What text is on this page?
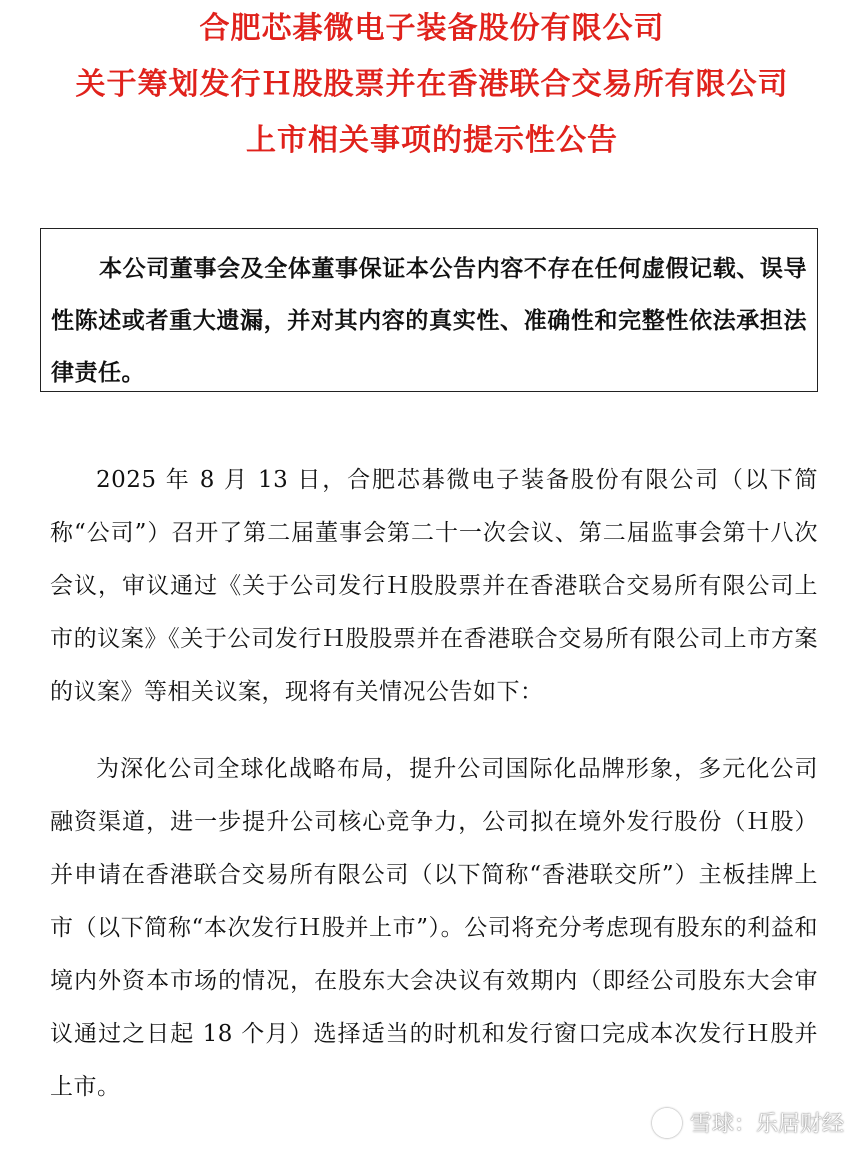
合肥芯碁微电子装备股份有限公司
关于筹划发行Ｈ股股票并在香港联合交易所有限公司
上市相关事项的提示性公告
本公司董事会及全体董事保证本公告内容不存在任何虚假记载、误导性陈述或者重大遗漏，并对其内容的真实性、准确性和完整性依法承担法律责任。
2025 年 8 月 13 日，合肥芯碁微电子装备股份有限公司（以下简称“公司”）召开了第二届董事会第二十一次会议、第二届监事会第十八次会议，审议通过《关于公司发行Ｈ股股票并在香港联合交易所有限公司上市的议案》《关于公司发行Ｈ股股票并在香港联合交易所有限公司上市方案的议案》等相关议案，现将有关情况公告如下：
为深化公司全球化战略布局，提升公司国际化品牌形象，多元化公司融资渠道，进一步提升公司核心竞争力，公司拟在境外发行股份（Ｈ股）并申请在香港联合交易所有限公司（以下简称“香港联交所”）主板挂牌上市（以下简称“本次发行Ｈ股并上市”）。公司将充分考虑现有股东的利益和境内外资本市场的情况，在股东大会决议有效期内（即经公司股东大会审议通过之日起 18 个月）选择适当的时机和发行窗口完成本次发行Ｈ股并上市。
雪球：乐居财经
